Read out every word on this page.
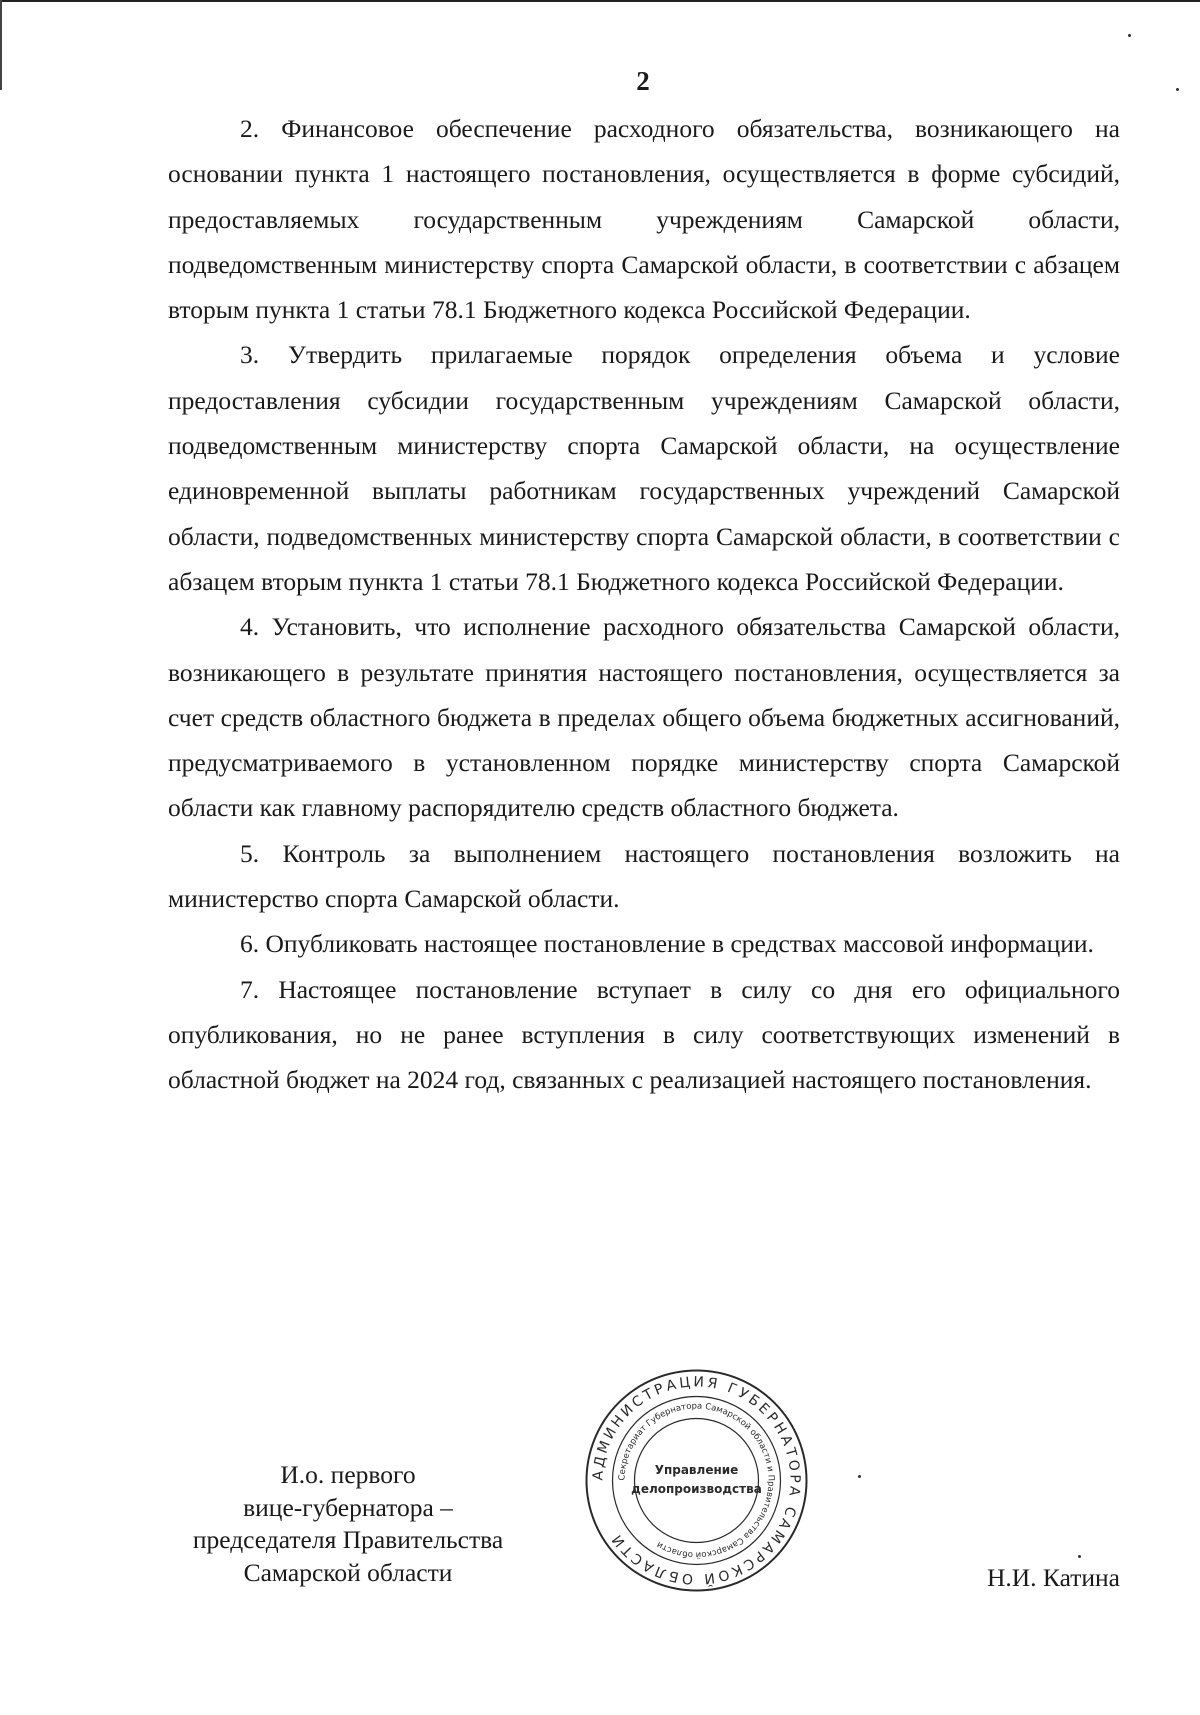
2

2. Финансовое обеспечение расходного обязательства, возникающего на основании пункта 1 настоящего постановления, осуществляется в форме субсидий, предоставляемых государственным учреждениям Самарской области, подведомственным министерству спорта Самарской области, в соответствии с абзацем вторым пункта 1 статьи 78.1 Бюджетного кодекса Российской Федерации.

3. Утвердить прилагаемые порядок определения объема и условие предоставления субсидии государственным учреждениям Самарской области, подведомственным министерству спорта Самарской области, на осуществление единовременной выплаты работникам государственных учреждений Самарской области, подведомственных министерству спорта Самарской области, в соответствии с абзацем вторым пункта 1 статьи 78.1 Бюджетного кодекса Российской Федерации.

4. Установить, что исполнение расходного обязательства Самарской области, возникающего в результате принятия настоящего постановления, осуществляется за счет средств областного бюджета в пределах общего объема бюджетных ассигнований, предусматриваемого в установленном порядке министерству спорта Самарской области как главному распорядителю средств областного бюджета.

5. Контроль за выполнением настоящего постановления возложить на министерство спорта Самарской области.

6. Опубликовать настоящее постановление в средствах массовой информации.

7. Настоящее постановление вступает в силу со дня его официального опубликования, но не ранее вступления в силу соответствующих изменений в областной бюджет на 2024 год, связанных с реализацией настоящего постановления.

И.о. первого
вице-губернатора –
председателя Правительства
Самарской области	Н.И. Катина
АДМИНИСТРАЦИЯ ГУБЕРНАТОРА САМАРСКОЙ ОБЛАСТИ
Секретариат Губернатора Самарской области и Правительства Самарской области
Управление
делопроизводства
